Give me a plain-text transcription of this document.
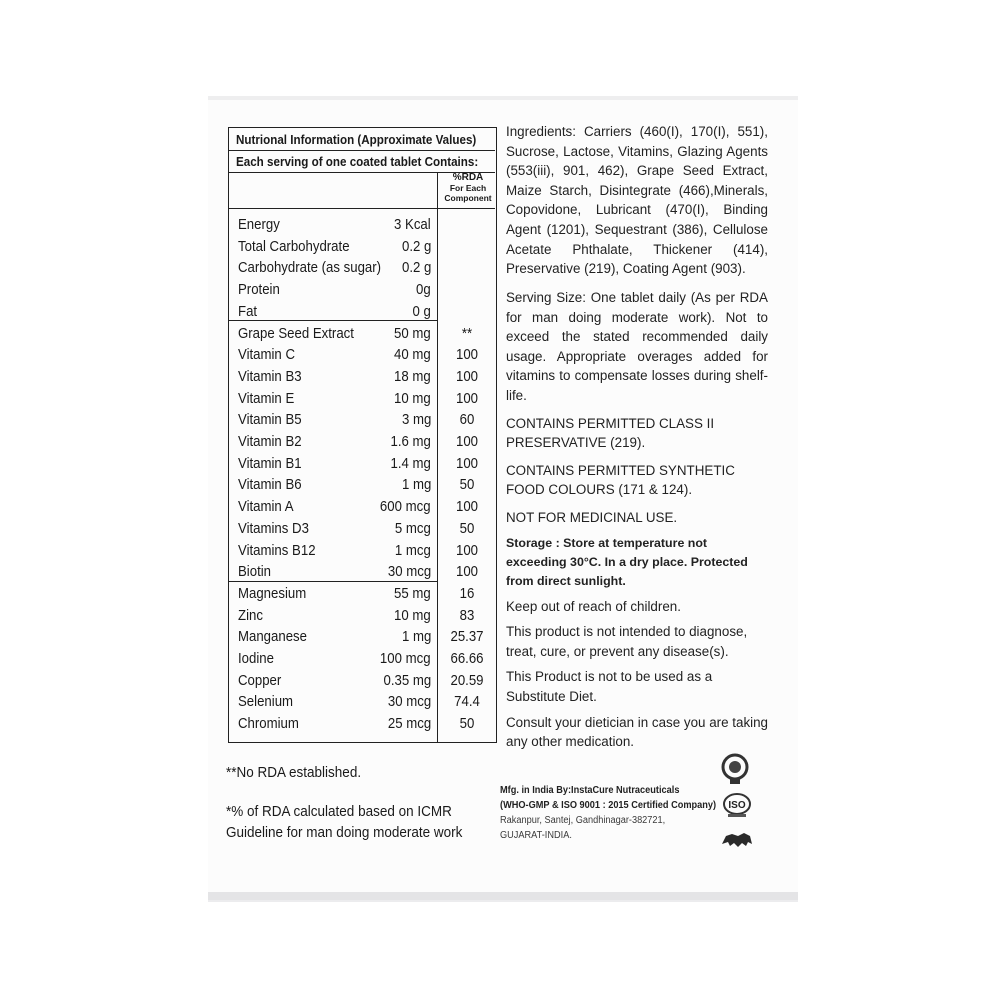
Nutrional Information (Approximate Values)
Each serving of one coated tablet Contains:
%RDA
For Each
Component
Energy	3 Kcal
Total Carbohydrate	0.2 g
Carbohydrate (as sugar) 0.2 g
Protein	0g
Fat	0 g
Grape Seed Extract	50 mg	**
Vitamin C	40 mg	100
Vitamin B3	18 mg	100
Vitamin E	10 mg	100
Vitamin B5	3 mg	60
Vitamin B2	1.6 mg	100
Vitamin B1	1.4 mg	100
Vitamin B6	1 mg	50
Vitamin A	600 mcg	100
Vitamins D3	5 mcg	50
Vitamins B12	1 mcg	100
Biotin	30 mcg	100
Magnesium	55 mg	16
Zinc	10 mg	83
Manganese	1 mg	25.37
Iodine	100 mcg	66.66
Copper	0.35 mg	20.59
Selenium	30 mcg	74.4
Chromium	25 mcg	50
**No RDA established.
*% of RDA calculated based on ICMR
Guideline for man doing moderate work

Ingredients: Carriers (460(I), 170(I), 551), Sucrose, Lactose, Vitamins, Glazing Agents (553(iii), 901, 462), Grape Seed Extract, Maize Starch, Disintegrate (466),Minerals, Copovidone, Lubricant (470(I), Binding Agent (1201), Sequestrant (386), Cellulose Acetate Phthalate, Thickener (414), Preservative (219), Coating Agent (903).

Serving Size: One tablet daily (As per RDA for man doing moderate work). Not to exceed the stated recommended daily usage. Appropriate overages added for vitamins to compensate losses during shelf-life.

CONTAINS PERMITTED CLASS II PRESERVATIVE (219).

CONTAINS PERMITTED SYNTHETIC FOOD COLOURS (171 & 124).

NOT FOR MEDICINAL USE.

Storage : Store at temperature not exceeding 30°C. In a dry place. Protected from direct sunlight.

Keep out of reach of children.

This product is not intended to diagnose, treat, cure, or prevent any disease(s).

This Product is not to be used as a Substitute Diet.

Consult your dietician in case you are taking any other medication.

Mfg. in India By:InstaCure Nutraceuticals
(WHO-GMP & ISO 9001 : 2015 Certified Company)
Rakanpur, Santej, Gandhinagar-382721,
GUJARAT-INDIA.
ISO
